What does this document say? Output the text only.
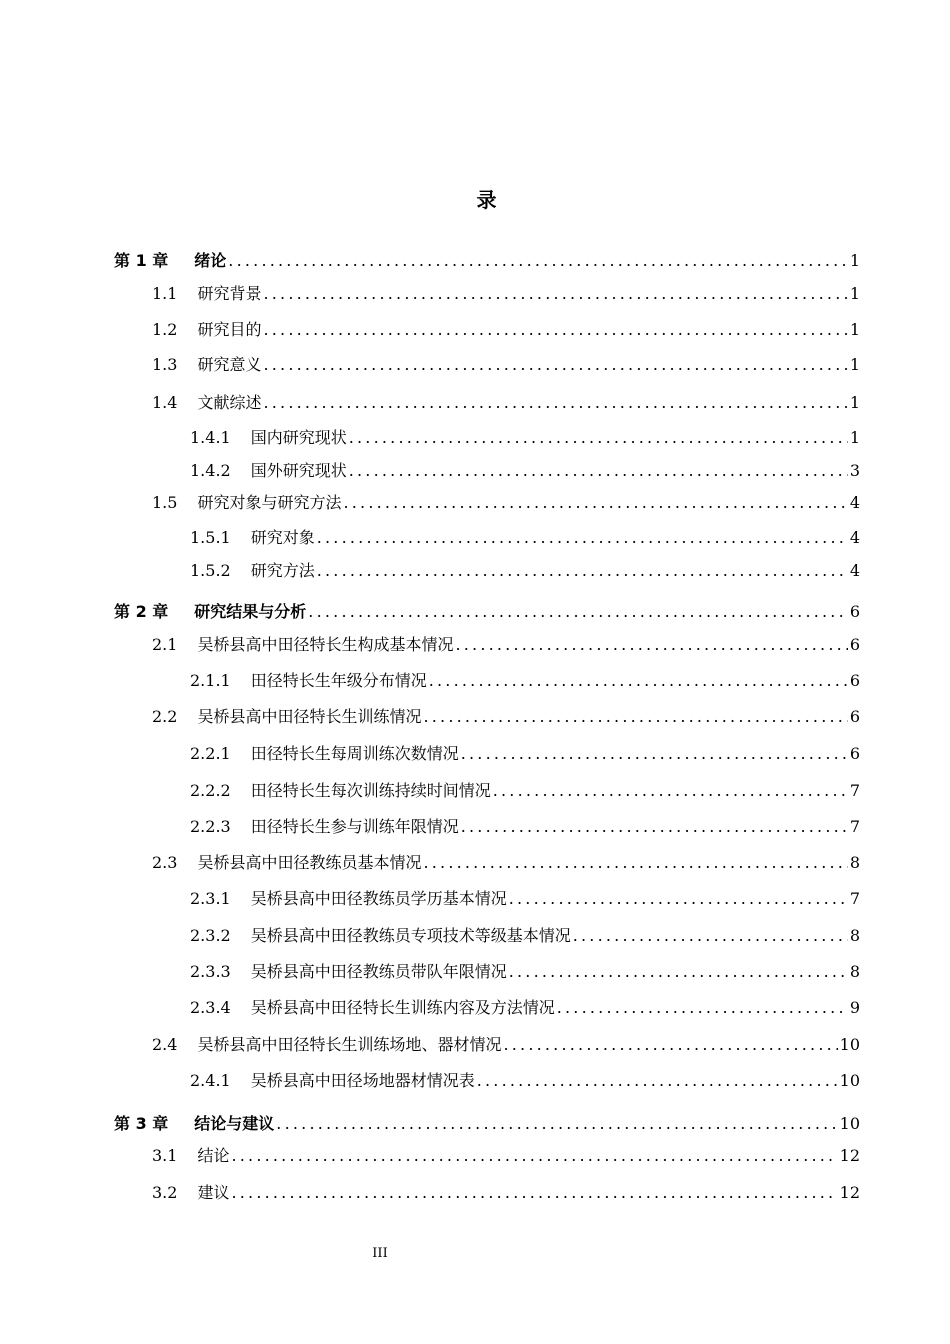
录
第 1 章 绪论 .....	1
1.1 研究背景 .....	1
1.2 研究目的 .....	1
1.3 研究意义 .....	1
1.4 文献综述 .....	1
1.4.1 国内研究现状 .....	1
1.4.2 国外研究现状 .....	3
1.5 研究对象与研究方法 .....	4
1.5.1 研究对象 .....	4
1.5.2 研究方法 .....	4
第 2 章 研究结果与分析 .....	6
2.1 吴桥县高中田径特长生构成基本情况 .....	6
2.1.1 田径特长生年级分布情况 .....	6
2.2 吴桥县高中田径特长生训练情况 .....	6
2.2.1 田径特长生每周训练次数情况 .....	6
2.2.2 田径特长生每次训练持续时间情况 .....	7
2.2.3 田径特长生参与训练年限情况 .....	7
2.3 吴桥县高中田径教练员基本情况 .....	8
2.3.1 吴桥县高中田径教练员学历基本情况 .....	7
2.3.2 吴桥县高中田径教练员专项技术等级基本情况 .....	8
2.3.3 吴桥县高中田径教练员带队年限情况 .....	8
2.3.4 吴桥县高中田径特长生训练内容及方法情况 .....	9
2.4 吴桥县高中田径特长生训练场地、器材情况 .....	10
2.4.1 吴桥县高中田径场地器材情况表 .....	10
第 3 章 结论与建议 .....	10
3.1 结论 .....	12
3.2 建议 .....	12
III
